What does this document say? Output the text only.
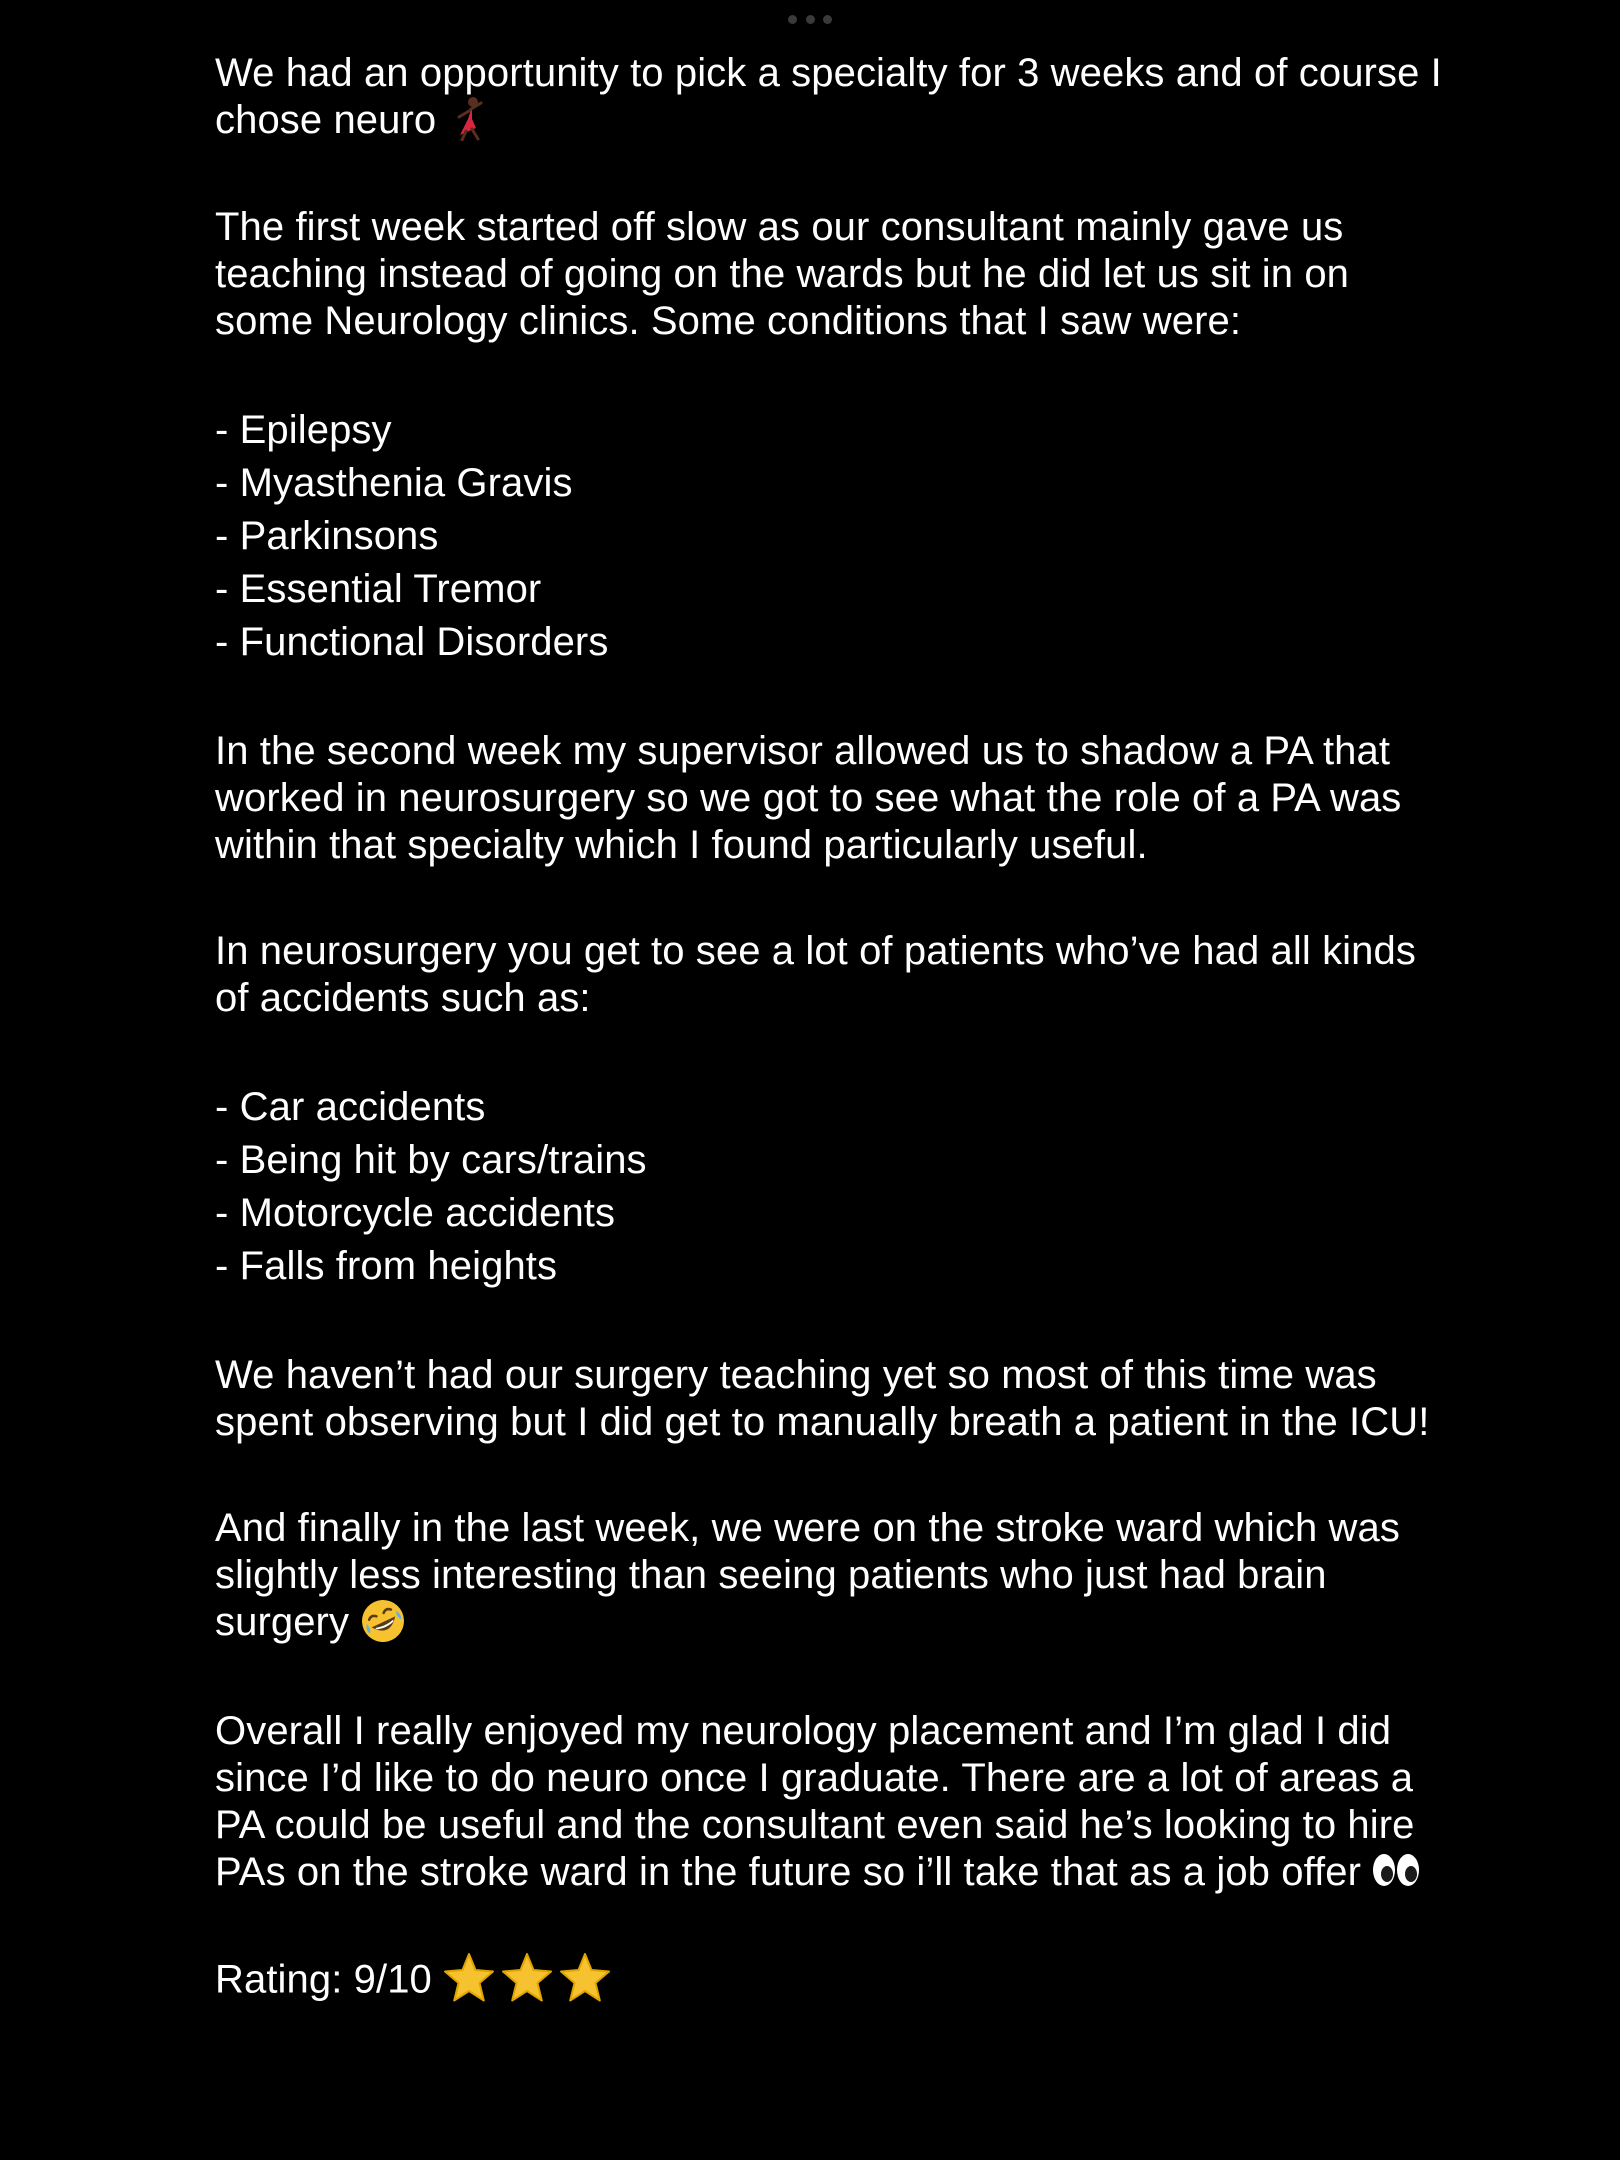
We had an opportunity to pick a specialty for 3 weeks and of course I chose neuro

The first week started off slow as our consultant mainly gave us teaching instead of going on the wards but he did let us sit in on some Neurology clinics. Some conditions that I saw were:

- Epilepsy
- Myasthenia Gravis
- Parkinsons
- Essential Tremor
- Functional Disorders

In the second week my supervisor allowed us to shadow a PA that worked in neurosurgery so we got to see what the role of a PA was within that specialty which I found particularly useful.

In neurosurgery you get to see a lot of patients who’ve had all kinds of accidents such as:

- Car accidents
- Being hit by cars/trains
- Motorcycle accidents
- Falls from heights

We haven’t had our surgery teaching yet so most of this time was spent observing but I did get to manually breath a patient in the ICU!

And finally in the last week, we were on the stroke ward which was slightly less interesting than seeing patients who just had brain surgery

Overall I really enjoyed my neurology placement and I’m glad I did since I’d like to do neuro once I graduate. There are a lot of areas a PA could be useful and the consultant even said he’s looking to hire PAs on the stroke ward in the future so i’ll take that as a job offer

Rating: 9/10
